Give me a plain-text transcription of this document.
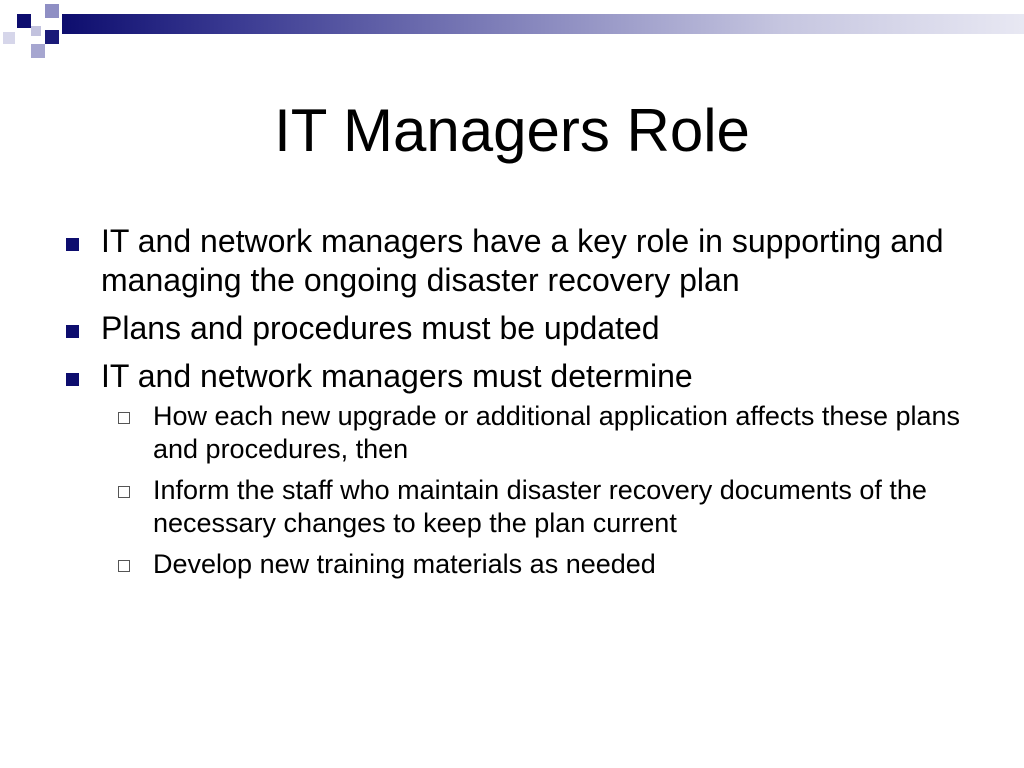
IT Managers Role
IT and network managers have a key role in supporting and managing the ongoing disaster recovery plan
Plans and procedures must be updated
IT and network managers must determine
How each new upgrade or additional application affects these plans and procedures, then
Inform the staff who maintain disaster recovery documents of the necessary changes to keep the plan current
Develop new training materials as needed
